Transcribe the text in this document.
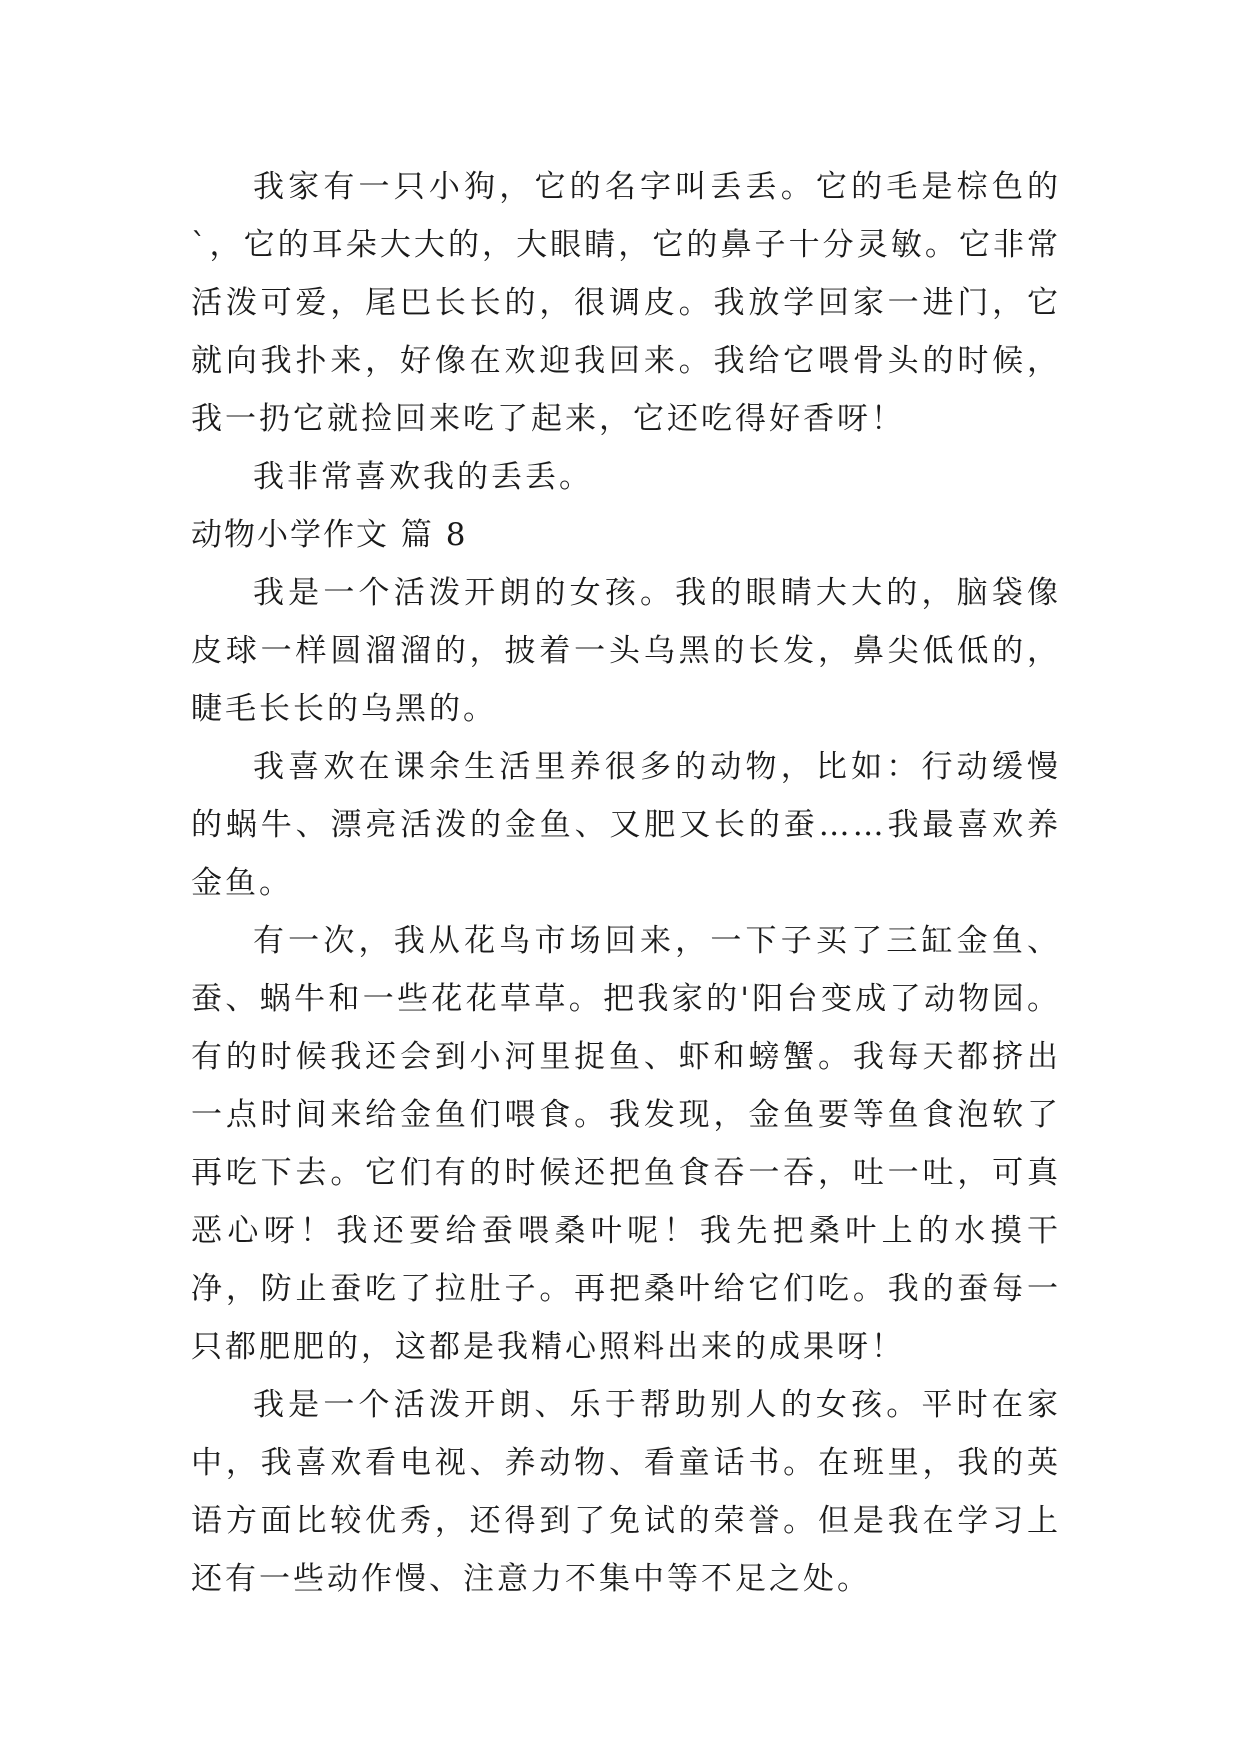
我家有一只小狗，它的名字叫丢丢。它的毛是棕色的`，它的耳朵大大的，大眼睛，它的鼻子十分灵敏。它非常活泼可爱，尾巴长长的，很调皮。我放学回家一进门，它就向我扑来，好像在欢迎我回来。我给它喂骨头的时候，我一扔它就捡回来吃了起来，它还吃得好香呀！

我非常喜欢我的丢丢。

动物小学作文 篇 8

我是一个活泼开朗的女孩。我的眼睛大大的，脑袋像皮球一样圆溜溜的，披着一头乌黑的长发，鼻尖低低的，睫毛长长的乌黑的。

我喜欢在课余生活里养很多的动物，比如：行动缓慢的蜗牛、漂亮活泼的金鱼、又肥又长的蚕……我最喜欢养金鱼。

有一次，我从花鸟市场回来，一下子买了三缸金鱼、蚕、蜗牛和一些花花草草。把我家的'阳台变成了动物园。有的时候我还会到小河里捉鱼、虾和螃蟹。我每天都挤出一点时间来给金鱼们喂食。我发现，金鱼要等鱼食泡软了再吃下去。它们有的时候还把鱼食吞一吞，吐一吐，可真恶心呀！我还要给蚕喂桑叶呢！我先把桑叶上的水摸干净，防止蚕吃了拉肚子。再把桑叶给它们吃。我的蚕每一只都肥肥的，这都是我精心照料出来的成果呀！

我是一个活泼开朗、乐于帮助别人的女孩。平时在家中，我喜欢看电视、养动物、看童话书。在班里，我的英语方面比较优秀，还得到了免试的荣誉。但是我在学习上还有一些动作慢、注意力不集中等不足之处。
